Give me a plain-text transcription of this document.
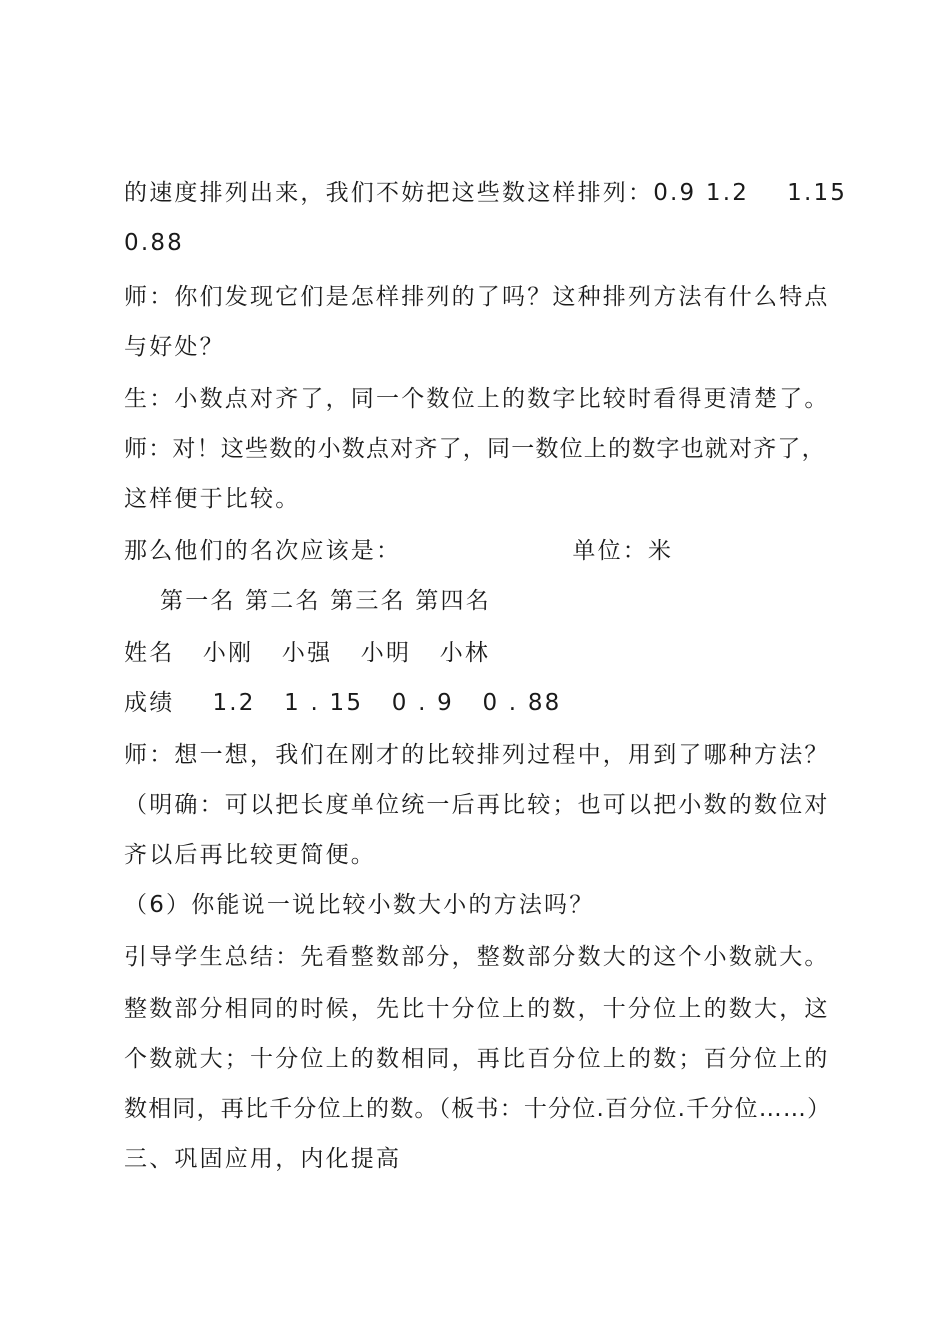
的速度排列出来，我们不妨把这些数这样排列：0.9 1.2    1.15
0.88
师：你们发现它们是怎样排列的了吗？这种排列方法有什么特点
与好处？
生：小数点对齐了，同一个数位上的数字比较时看得更清楚了。
师：对！这些数的小数点对齐了，同一数位上的数字也就对齐了，
这样便于比较。
那么他们的名次应该是：                  单位：米
第一名 第二名 第三名 第四名
姓名   小刚   小强   小明   小林
成绩    1.2   1 . 15   0 . 9   0 . 88
师：想一想，我们在刚才的比较排列过程中，用到了哪种方法？
（明确：可以把长度单位统一后再比较；也可以把小数的数位对
齐以后再比较更简便。
（6）你能说一说比较小数大小的方法吗？
引导学生总结：先看整数部分，整数部分数大的这个小数就大。
整数部分相同的时候，先比十分位上的数，十分位上的数大，这
个数就大；十分位上的数相同，再比百分位上的数；百分位上的
数相同，再比千分位上的数。（板书：十分位.百分位.千分位……）
三、巩固应用，内化提高
